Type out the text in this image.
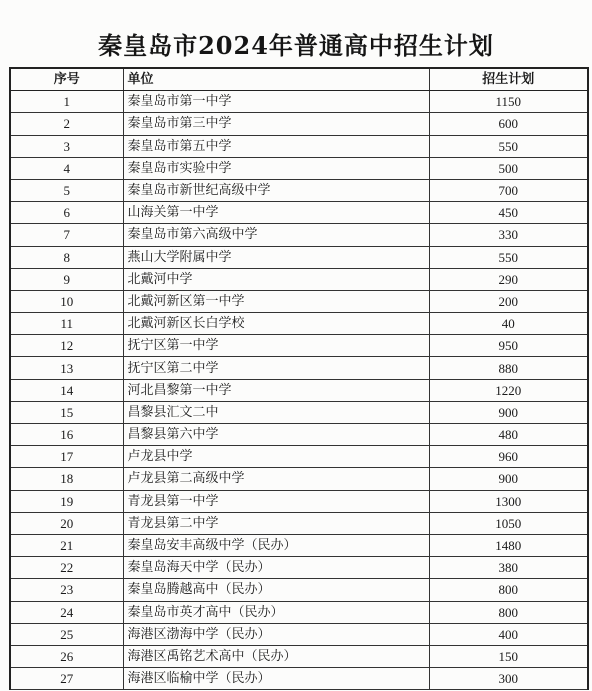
秦皇岛市2024年普通高中招生计划
序号	单位	招生计划
1	秦皇岛市第一中学	1150
2	秦皇岛市第三中学	600
3	秦皇岛市第五中学	550
4	秦皇岛市实验中学	500
5	秦皇岛市新世纪高级中学	700
6	山海关第一中学	450
7	秦皇岛市第六高级中学	330
8	燕山大学附属中学	550
9	北戴河中学	290
10	北戴河新区第一中学	200
11	北戴河新区长白学校	40
12	抚宁区第一中学	950
13	抚宁区第二中学	880
14	河北昌黎第一中学	1220
15	昌黎县汇文二中	900
16	昌黎县第六中学	480
17	卢龙县中学	960
18	卢龙县第二高级中学	900
19	青龙县第一中学	1300
20	青龙县第二中学	1050
21	秦皇岛安丰高级中学（民办）	1480
22	秦皇岛海天中学（民办）	380
23	秦皇岛腾越高中（民办）	800
24	秦皇岛市英才高中（民办）	800
25	海港区渤海中学（民办）	400
26	海港区禹铭艺术高中（民办）	150
27	海港区临榆中学（民办）	300
